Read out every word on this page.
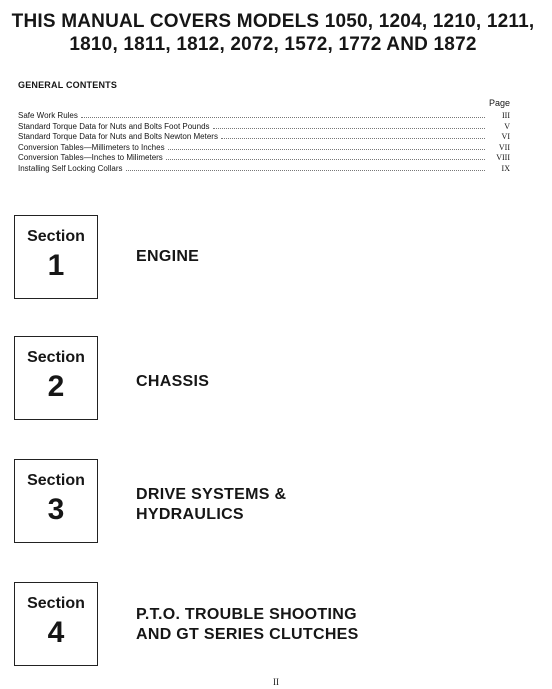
THIS MANUAL COVERS MODELS 1050, 1204, 1210, 1211,
1810, 1811, 1812, 2072, 1572, 1772 AND 1872
GENERAL CONTENTS
Page
Safe Work Rules	III
Standard Torque Data for Nuts and Bolts Foot Pounds	V
Standard Torque Data for Nuts and Bolts Newton Meters	VI
Conversion Tables—Millimeters to Inches	VII
Conversion Tables—Inches to Milimeters	VIII
Installing Self Locking Collars	IX
Section
1	ENGINE
Section
2	CHASSIS
Section
3	DRIVE SYSTEMS &
HYDRAULICS
Section
4
P.T.O. TROUBLE SHOOTING
AND GT SERIES CLUTCHES
II
